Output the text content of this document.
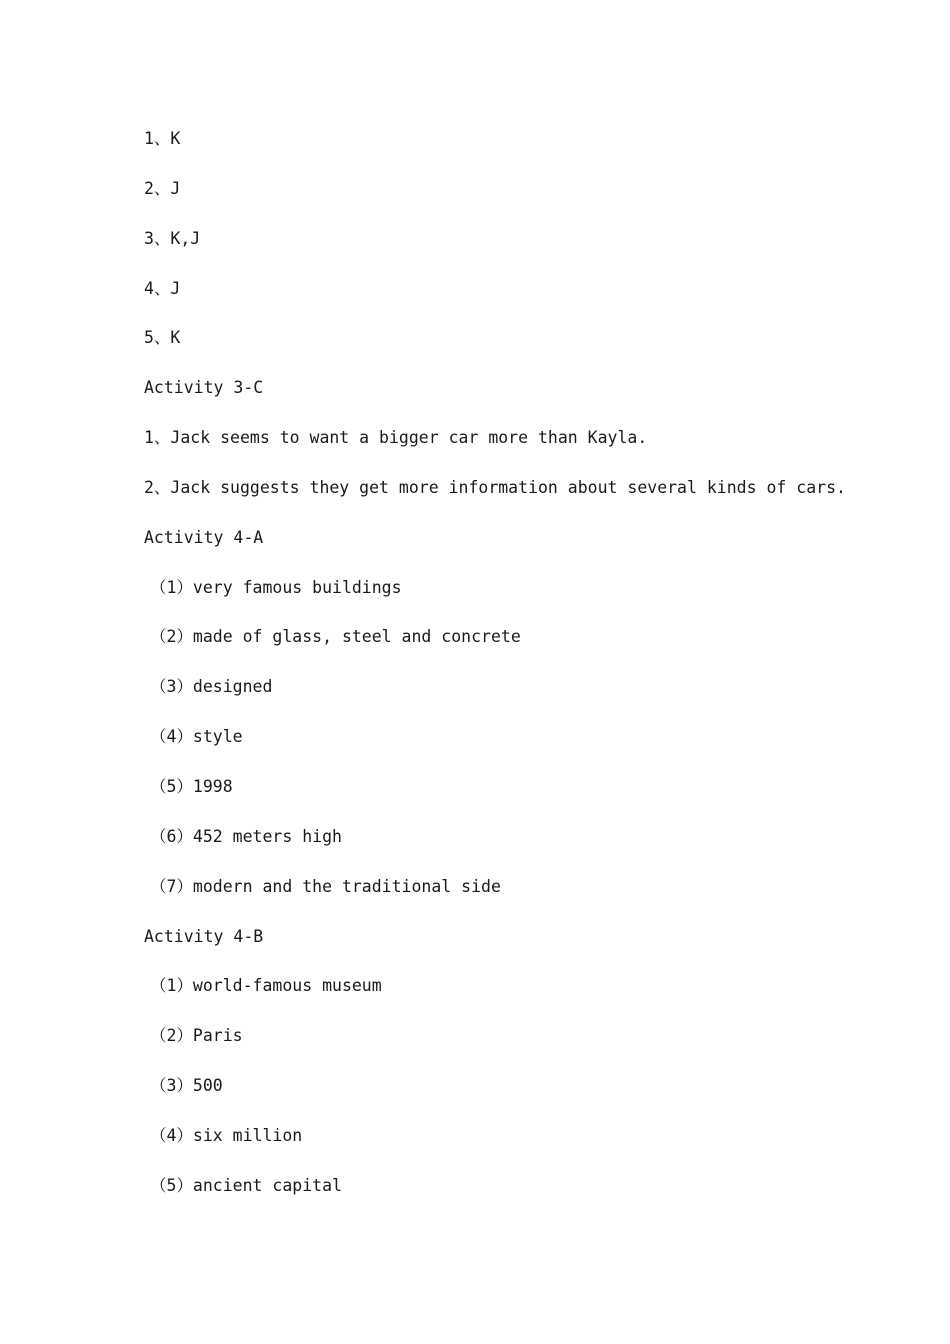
1、K
2、J
3、K,J
4、J
5、K
Activity 3-C
1、Jack seems to want a bigger car more than Kayla.
2、Jack suggests they get more information about several kinds of cars.
Activity 4-A
（1）very famous buildings
（2）made of glass, steel and concrete
（3）designed
（4）style
（5）1998
（6）452 meters high
（7）modern and the traditional side
Activity 4-B
（1）world-famous museum
（2）Paris
（3）500
（4）six million
（5）ancient capital
